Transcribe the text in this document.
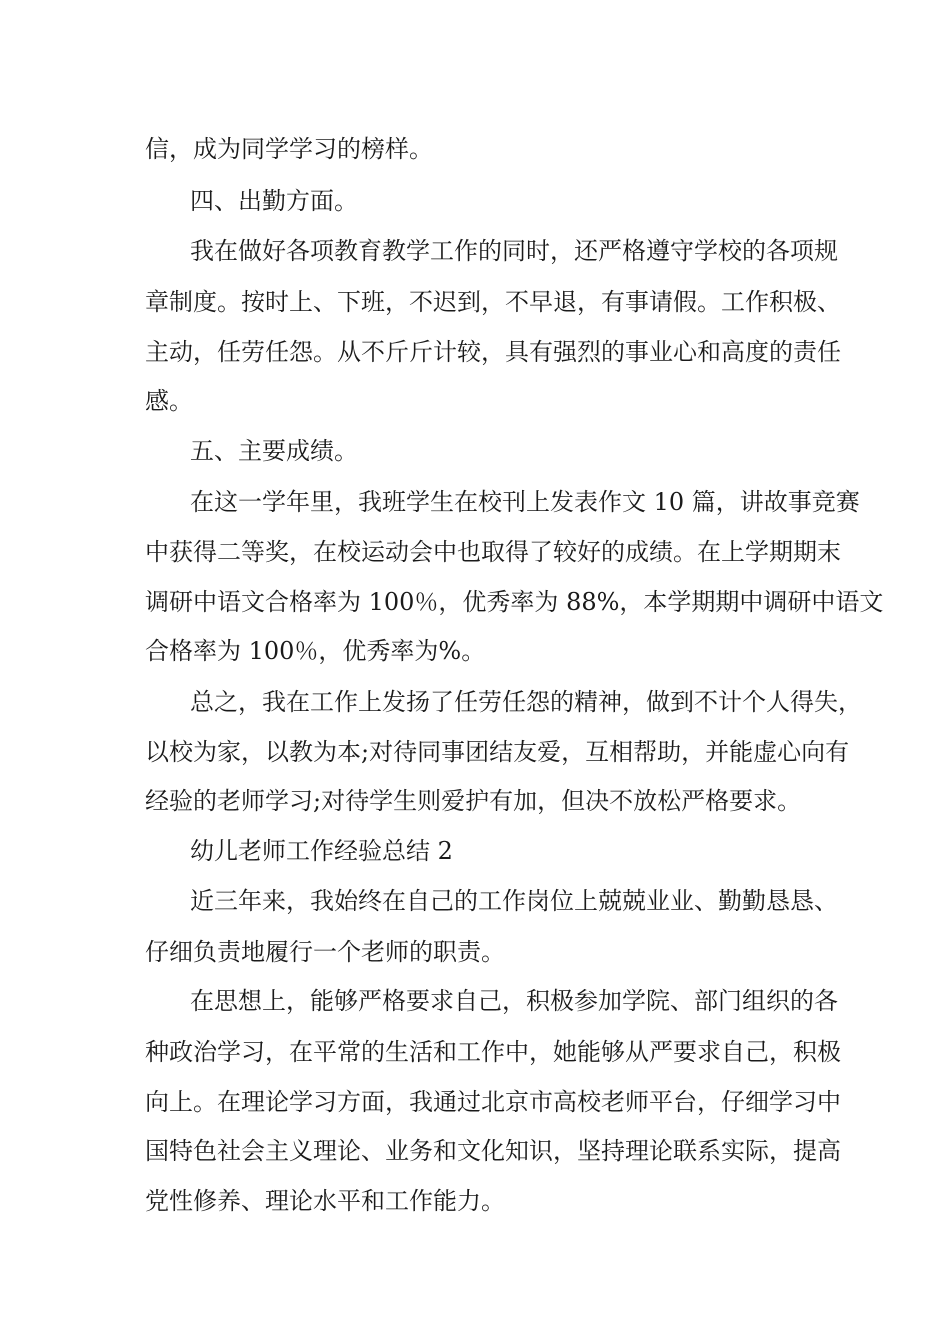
信，成为同学学习的榜样。
四、出勤方面。
我在做好各项教育教学工作的同时，还严格遵守学校的各项规
章制度。按时上、下班，不迟到，不早退，有事请假。工作积极、
主动，任劳任怨。从不斤斤计较，具有强烈的事业心和高度的责任
感。
五、主要成绩。
在这一学年里，我班学生在校刊上发表作文 10 篇，讲故事竞赛
中获得二等奖，在校运动会中也取得了较好的成绩。在上学期期末
调研中语文合格率为 100％，优秀率为 88%，本学期期中调研中语文
合格率为 100％，优秀率为%。
总之，我在工作上发扬了任劳任怨的精神，做到不计个人得失，
以校为家，以教为本;对待同事团结友爱，互相帮助，并能虚心向有
经验的老师学习;对待学生则爱护有加，但决不放松严格要求。
幼儿老师工作经验总结 2
近三年来，我始终在自己的工作岗位上兢兢业业、勤勤恳恳、
仔细负责地履行一个老师的职责。
在思想上，能够严格要求自己，积极参加学院、部门组织的各
种政治学习，在平常的生活和工作中，她能够从严要求自己，积极
向上。在理论学习方面，我通过北京市高校老师平台，仔细学习中
国特色社会主义理论、业务和文化知识，坚持理论联系实际，提高
党性修养、理论水平和工作能力。
